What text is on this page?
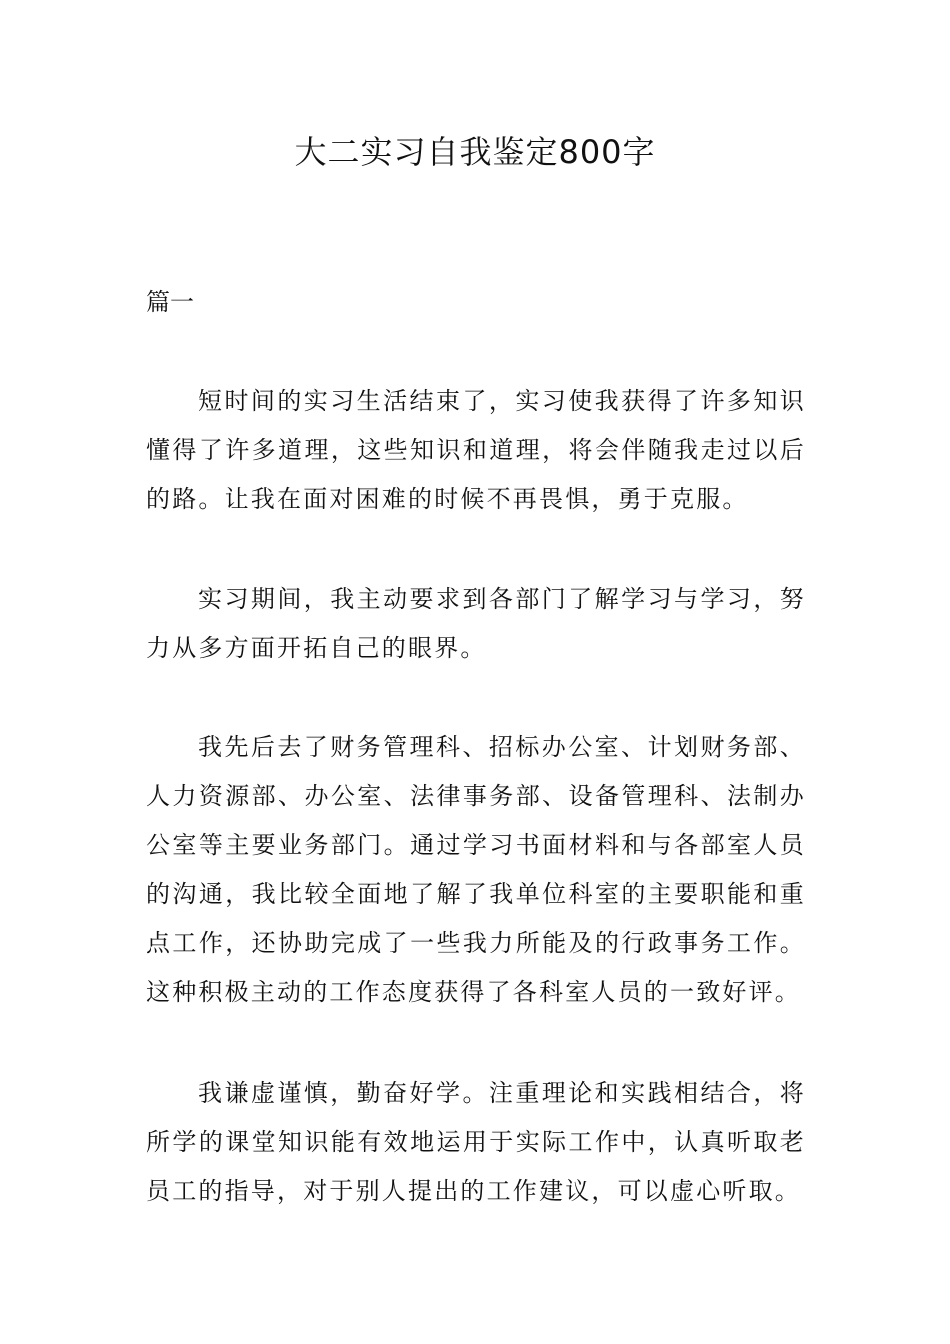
大二实习自我鉴定800字

篇一

短时间的实习生活结束了，实习使我获得了许多知识懂得了许多道理，这些知识和道理，将会伴随我走过以后的路。让我在面对困难的时候不再畏惧，勇于克服。

实习期间，我主动要求到各部门了解学习与学习，努力从多方面开拓自己的眼界。

我先后去了财务管理科、招标办公室、计划财务部、人力资源部、办公室、法律事务部、设备管理科、法制办公室等主要业务部门。通过学习书面材料和与各部室人员的沟通，我比较全面地了解了我单位科室的主要职能和重点工作，还协助完成了一些我力所能及的行政事务工作。这种积极主动的工作态度获得了各科室人员的一致好评。

我谦虚谨慎，勤奋好学。注重理论和实践相结合，将所学的课堂知识能有效地运用于实际工作中，认真听取老员工的指导，对于别人提出的工作建议，可以虚心听取。
